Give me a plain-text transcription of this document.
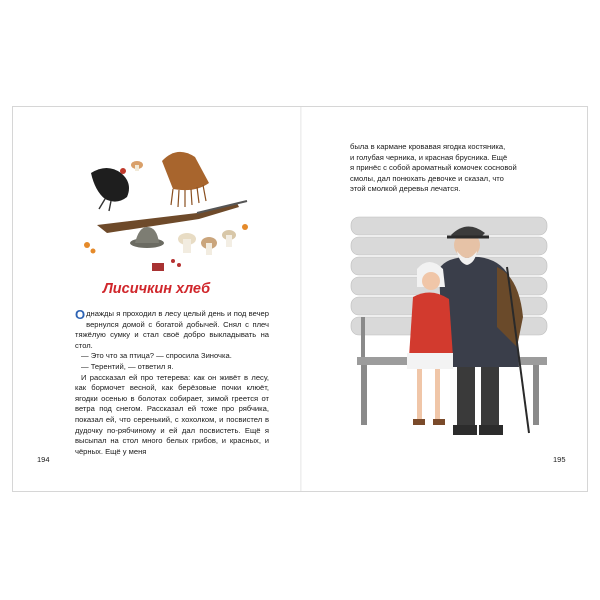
Лисичкин хлеб

Однажды я проходил в лесу целый день и под вечер вернулся домой с богатой добычей. Снял с плеч тяжёлую сумку и стал своё добро выкладывать на стол.

— Это что за птица? — спросила Зиночка.

— Терентий, — ответил я.

И рассказал ей про тетерева: как он живёт в лесу, как бормочет весной, как берёзовые почки клюёт, ягодки осенью в болотах собирает, зимой греется от ветра под снегом. Рассказал ей тоже про рябчика, показал ей, что серенький, с хохолком, и посвистел в дудочку по-рябчиному и ей дал посвистеть. Ещё я высыпал на стол много белых грибов, и красных, и чёрных. Ещё у меня

была в кармане кровавая ягодка костяника,
и голубая черника, и красная брусника. Ещё
я принёс с собой ароматный комочек сосновой
смолы, дал понюхать девочке и сказал, что
этой смолкой деревья лечатся.
194	195
